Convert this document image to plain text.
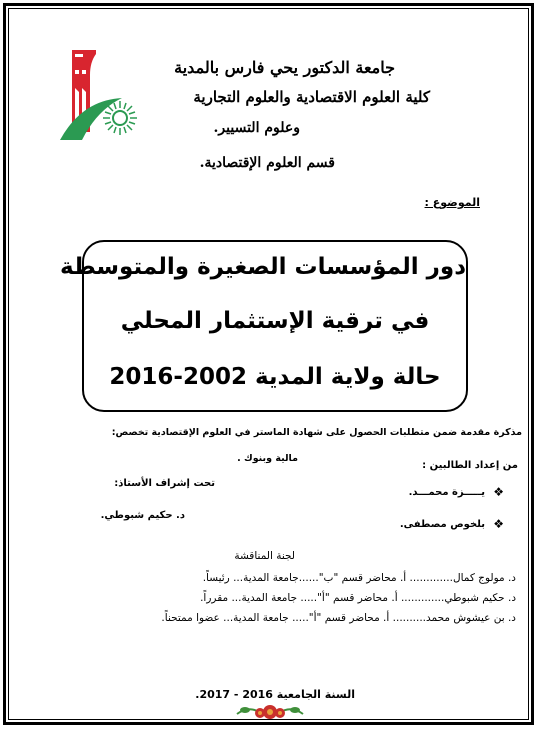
جامعة الدكتور يحي فارس بالمدية
كلية العلوم الاقتصادية والعلوم التجارية
وعلوم التسيير.
قسم العلوم الإقتصادية.
الموضوع :
دور المؤسسات الصغيرة والمتوسطة
في ترقية الإستثمار المحلي
حالة ولاية المدية 2002-2016
مذكرة مقدمة ضمن متطلبات الحصول على شهادة الماستر في العلوم الإقتصادية تخصص:
مالية وبنوك .
من إعداد الطالبين :
يـــــزة محمـــد. ❖
بلخوص مصطفى. ❖
تحت إشراف الأستاذ:
د. حكيم شبوطي.
لجنة المناقشة
د. مولوج كمال............. أ. محاضر قسم "ب"......جامعة المدية... رئيساً.
د. حكيم شبوطي............. أ. محاضر قسم "أ"..... جامعة المدية... مقرراً.
د. بن عيشوش محمد.......... أ. محاضر قسم "أ"..... جامعة المدية... عضوا ممتحناً.
السنة الجامعية 2016 - 2017.
